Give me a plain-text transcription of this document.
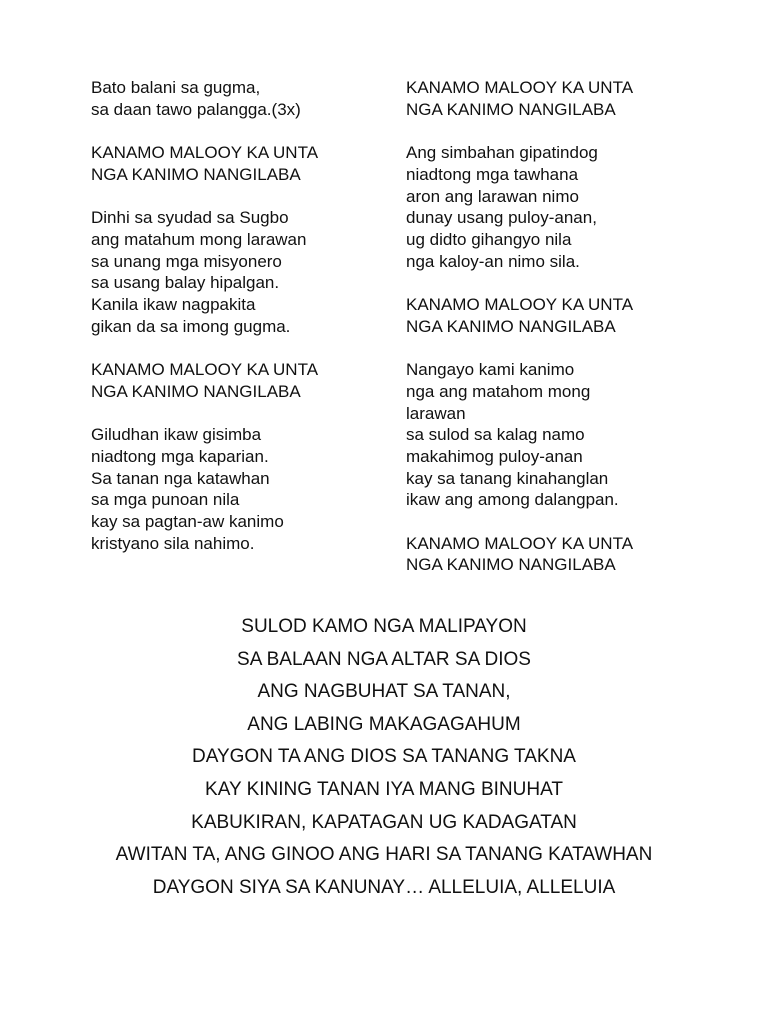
Bato balani sa gugma,
sa daan tawo palangga.(3x)
KANAMO MALOOY KA UNTA
NGA KANIMO NANGILABA
Dinhi sa syudad sa Sugbo
ang matahum mong larawan
sa unang mga misyonero
sa usang balay hipalgan.
Kanila ikaw nagpakita
gikan da sa imong gugma.
KANAMO MALOOY KA UNTA
NGA KANIMO NANGILABA
Giludhan ikaw gisimba
niadtong mga kaparian.
Sa tanan nga katawhan
sa mga punoan nila
kay sa pagtan-aw kanimo
kristyano sila nahimo.
KANAMO MALOOY KA UNTA
NGA KANIMO NANGILABA
Ang simbahan gipatindog
niadtong mga tawhana
aron ang larawan nimo
dunay usang puloy-anan,
ug didto gihangyo nila
nga kaloy-an nimo sila.
KANAMO MALOOY KA UNTA
NGA KANIMO NANGILABA
Nangayo kami kanimo
nga ang matahom mong
larawan
sa sulod sa kalag namo
makahimog puloy-anan
kay sa tanang kinahanglan
ikaw ang among dalangpan.
KANAMO MALOOY KA UNTA
NGA KANIMO NANGILABA
SULOD KAMO NGA MALIPAYON
SA BALAAN NGA ALTAR SA DIOS
ANG NAGBUHAT SA TANAN,
ANG LABING MAKAGAGAHUM
DAYGON TA ANG DIOS SA TANANG TAKNA
KAY KINING TANAN IYA MANG BINUHAT
KABUKIRAN, KAPATAGAN UG KADAGATAN
AWITAN TA, ANG GINOO ANG HARI SA TANANG KATAWHAN
DAYGON SIYA SA KANUNAY… ALLELUIA, ALLELUIA
